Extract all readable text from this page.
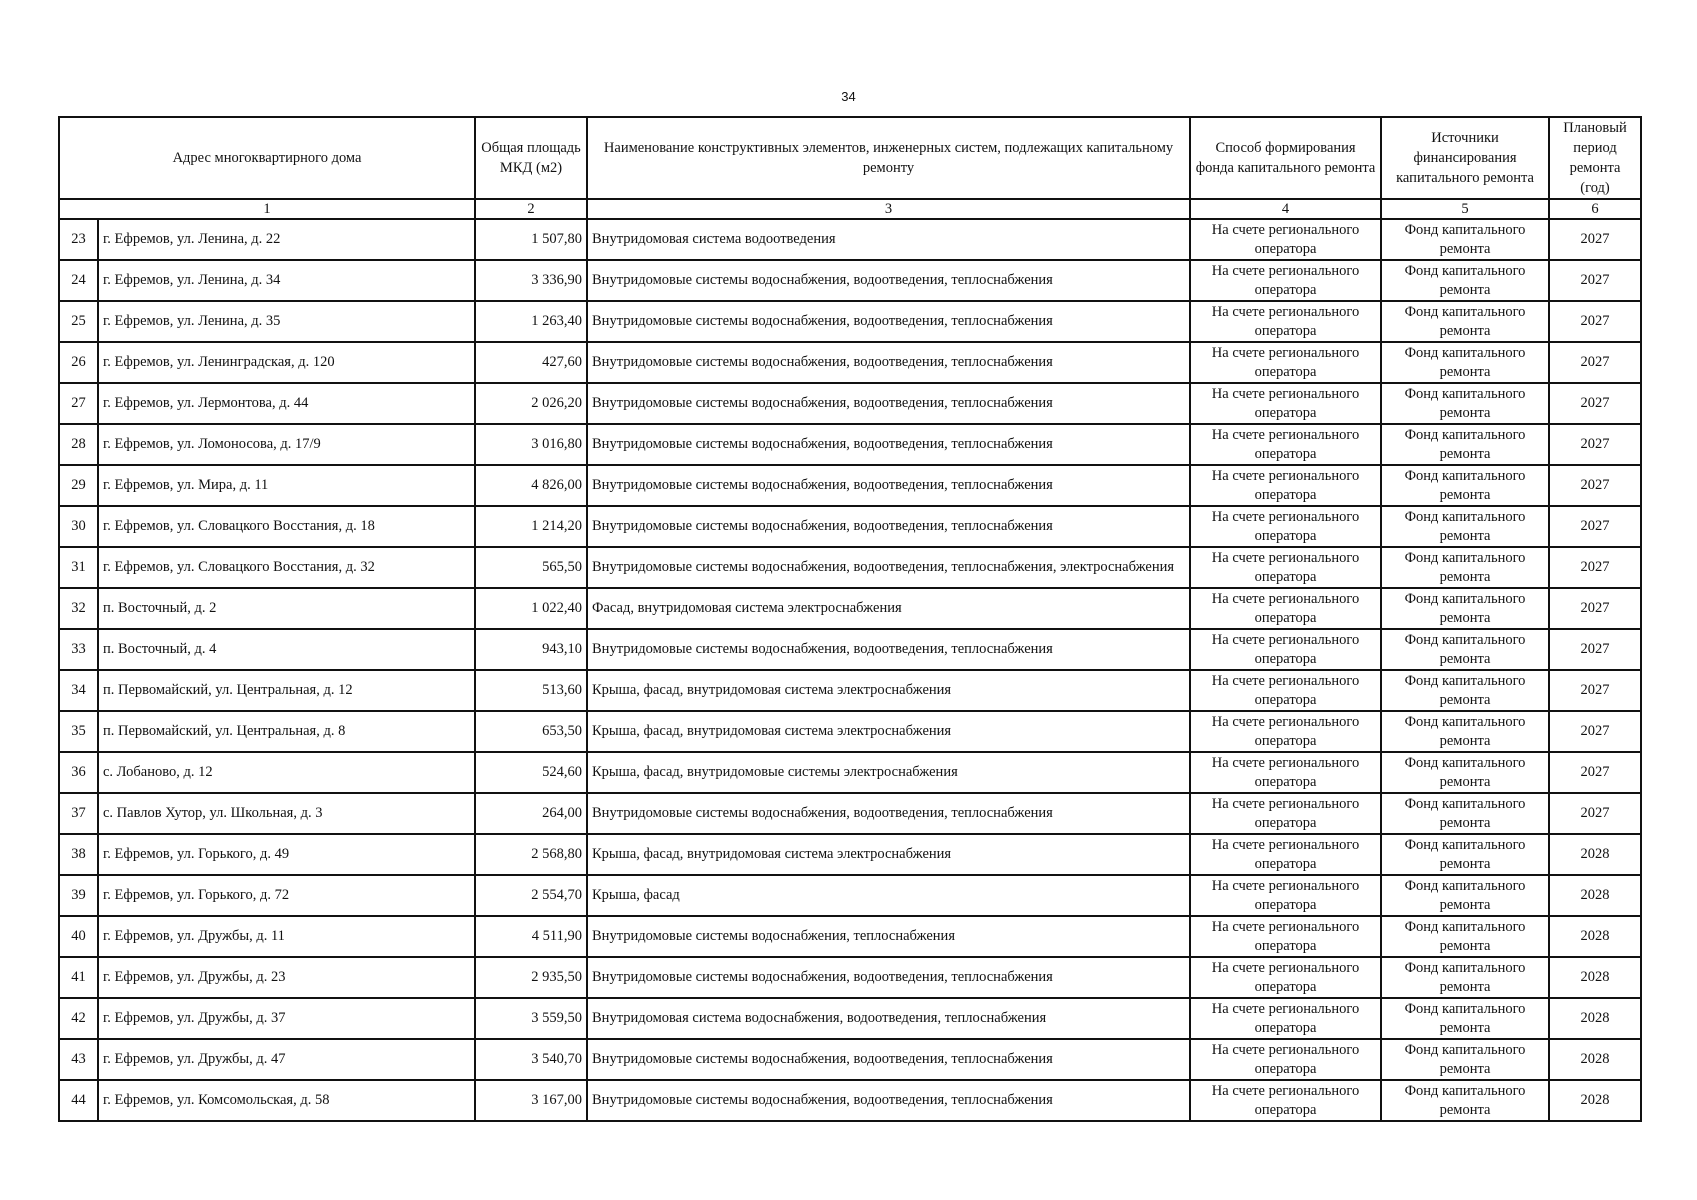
34
Адрес многоквартирного дома		Общая площадь МКД (м2)	Наименование конструктивных элементов, инженерных систем, подлежащих капитальному ремонту	Способ формирования фонда капитального ремонта	Источники финансирования капитального ремонта	Плановый период ремонта (год)
1		2	3	4	5	6
23	г. Ефремов, ул. Ленина, д. 22	1 507,80	Внутридомовая система водоотведения	На счете регионального оператора	Фонд капитального ремонта	2027
24	г. Ефремов, ул. Ленина, д. 34	3 336,90	Внутридомовые системы водоснабжения, водоотведения, теплоснабжения	На счете регионального оператора	Фонд капитального ремонта	2027
25	г. Ефремов, ул. Ленина, д. 35	1 263,40	Внутридомовые системы водоснабжения, водоотведения, теплоснабжения	На счете регионального оператора	Фонд капитального ремонта	2027
26	г. Ефремов, ул. Ленинградская, д. 120	427,60	Внутридомовые системы водоснабжения, водоотведения, теплоснабжения	На счете регионального оператора	Фонд капитального ремонта	2027
27	г. Ефремов, ул. Лермонтова, д. 44	2 026,20	Внутридомовые системы водоснабжения, водоотведения, теплоснабжения	На счете регионального оператора	Фонд капитального ремонта	2027
28	г. Ефремов, ул. Ломоносова, д. 17/9	3 016,80	Внутридомовые системы водоснабжения, водоотведения, теплоснабжения	На счете регионального оператора	Фонд капитального ремонта	2027
29	г. Ефремов, ул. Мира, д. 11	4 826,00	Внутридомовые системы водоснабжения, водоотведения, теплоснабжения	На счете регионального оператора	Фонд капитального ремонта	2027
30	г. Ефремов, ул. Словацкого Восстания, д. 18	1 214,20	Внутридомовые системы водоснабжения, водоотведения, теплоснабжения	На счете регионального оператора	Фонд капитального ремонта	2027
31	г. Ефремов, ул. Словацкого Восстания, д. 32	565,50	Внутридомовые системы водоснабжения, водоотведения, теплоснабжения, электроснабжения	На счете регионального оператора	Фонд капитального ремонта	2027
32	п. Восточный, д. 2	1 022,40	Фасад, внутридомовая система электроснабжения	На счете регионального оператора	Фонд капитального ремонта	2027
33	п. Восточный, д. 4	943,10	Внутридомовые системы водоснабжения, водоотведения, теплоснабжения	На счете регионального оператора	Фонд капитального ремонта	2027
34	п. Первомайский, ул. Центральная, д. 12	513,60	Крыша, фасад, внутридомовая система электроснабжения	На счете регионального оператора	Фонд капитального ремонта	2027
35	п. Первомайский, ул. Центральная, д. 8	653,50	Крыша, фасад, внутридомовая система электроснабжения	На счете регионального оператора	Фонд капитального ремонта	2027
36	с. Лобаново, д. 12	524,60	Крыша, фасад, внутридомовые системы электроснабжения	На счете регионального оператора	Фонд капитального ремонта	2027
37	с. Павлов Хутор, ул. Школьная, д. 3	264,00	Внутридомовые системы водоснабжения, водоотведения, теплоснабжения	На счете регионального оператора	Фонд капитального ремонта	2027
38	г. Ефремов, ул. Горького, д. 49	2 568,80	Крыша, фасад, внутридомовая система электроснабжения	На счете регионального оператора	Фонд капитального ремонта	2028
39	г. Ефремов, ул. Горького, д. 72	2 554,70	Крыша, фасад	На счете регионального оператора	Фонд капитального ремонта	2028
40	г. Ефремов, ул. Дружбы, д. 11	4 511,90	Внутридомовые системы водоснабжения, теплоснабжения	На счете регионального оператора	Фонд капитального ремонта	2028
41	г. Ефремов, ул. Дружбы, д. 23	2 935,50	Внутридомовые системы водоснабжения, водоотведения, теплоснабжения	На счете регионального оператора	Фонд капитального ремонта	2028
42	г. Ефремов, ул. Дружбы, д. 37	3 559,50	Внутридомовая система водоснабжения, водоотведения, теплоснабжения	На счете регионального оператора	Фонд капитального ремонта	2028
43	г. Ефремов, ул. Дружбы, д. 47	3 540,70	Внутридомовые системы водоснабжения, водоотведения, теплоснабжения	На счете регионального оператора	Фонд капитального ремонта	2028
44	г. Ефремов, ул. Комсомольская, д. 58	3 167,00	Внутридомовые системы водоснабжения, водоотведения, теплоснабжения	На счете регионального оператора	Фонд капитального ремонта	2028
